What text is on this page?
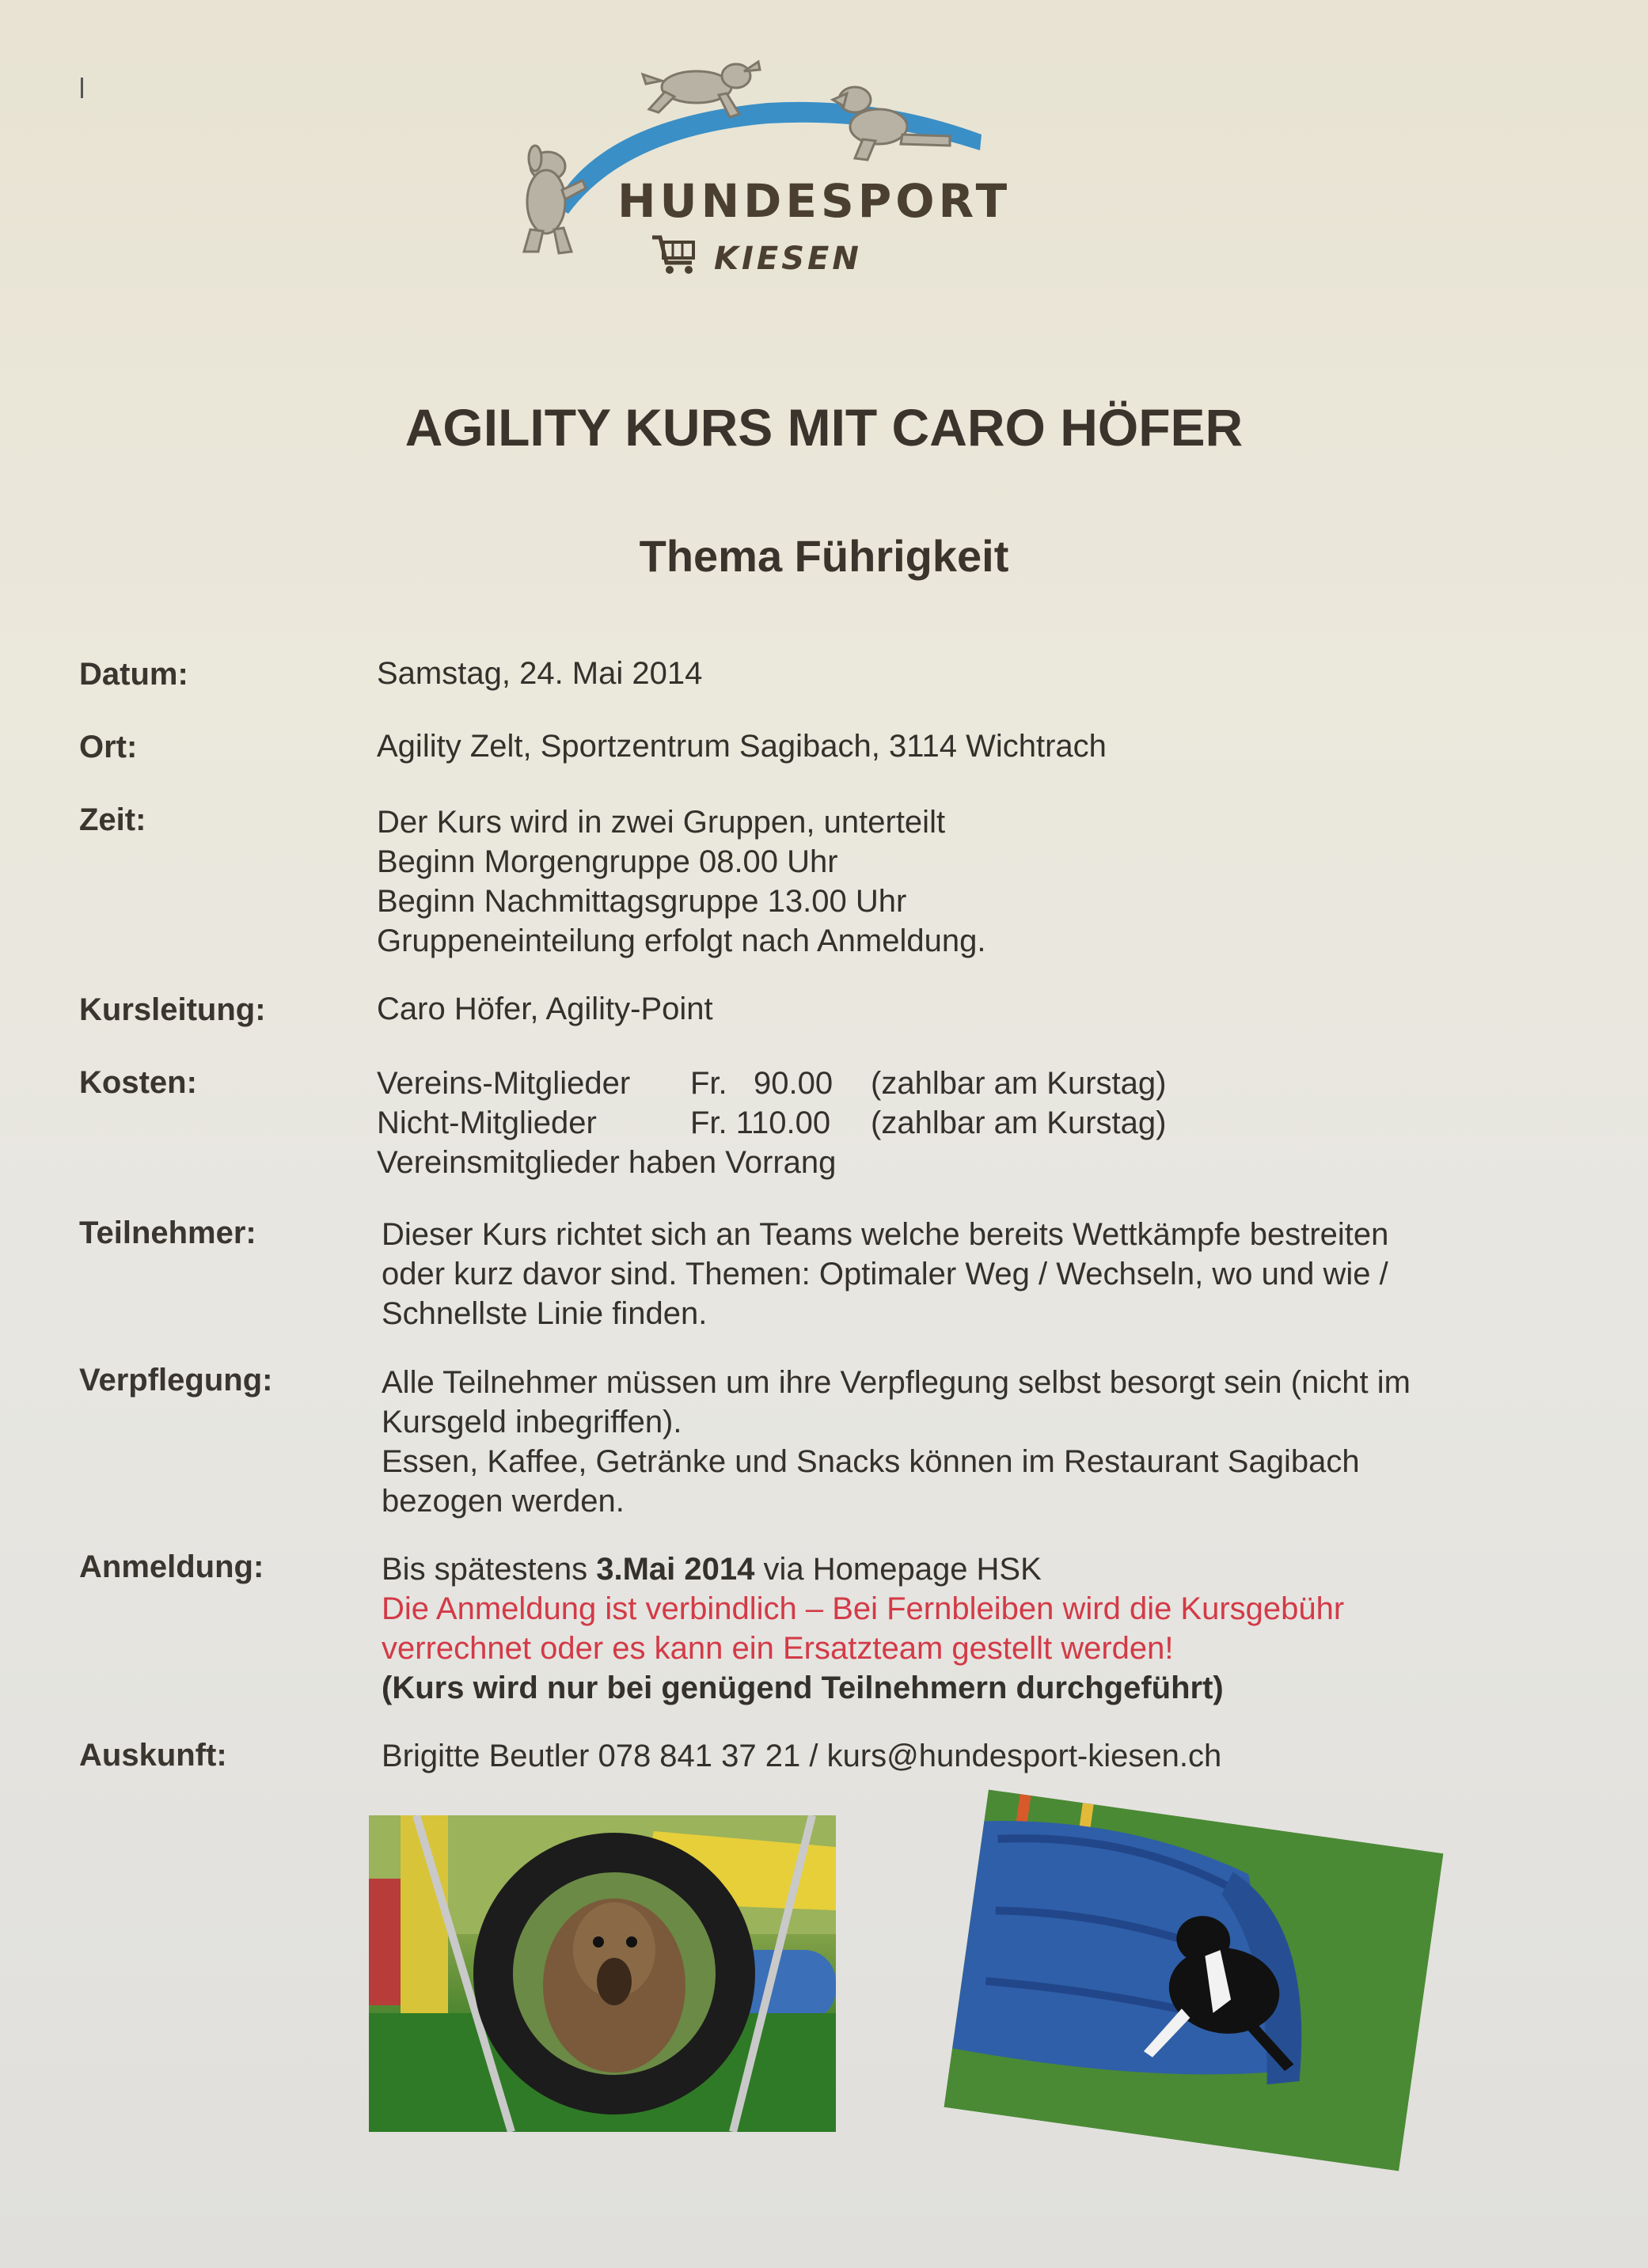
HUNDESPORT
KIESEN
AGILITY KURS MIT CARO HÖFER
Thema Führigkeit
Datum:	Samstag, 24. Mai 2014
Ort:	Agility Zelt, Sportzentrum Sagibach, 3114 Wichtrach
Zeit:	Der Kurs wird in zwei Gruppen, unterteilt
Beginn Morgengruppe 08.00 Uhr
Beginn Nachmittagsgruppe 13.00 Uhr
Gruppeneinteilung erfolgt nach Anmeldung.
Kursleitung:	Caro Höfer, Agility-Point
Kosten:	Vereins-Mitglieder Fr.   90.00 (zahlbar am Kurstag)
Nicht-Mitglieder	Fr. 110.00 (zahlbar am Kurstag)
Vereinsmitglieder haben Vorrang
Teilnehmer:	Dieser Kurs richtet sich an Teams welche bereits Wettkämpfe bestreiten
oder kurz davor sind. Themen: Optimaler Weg / Wechseln, wo und wie /
Schnellste Linie finden.
Verpflegung:	Alle Teilnehmer müssen um ihre Verpflegung selbst besorgt sein (nicht im
Kursgeld inbegriffen).
Essen, Kaffee, Getränke und Snacks können im Restaurant Sagibach
bezogen werden.
Anmeldung:	Bis spätestens 3.Mai 2014 via Homepage HSK
Die Anmeldung ist verbindlich – Bei Fernbleiben wird die Kursgebühr
verrechnet oder es kann ein Ersatzteam gestellt werden!
(Kurs wird nur bei genügend Teilnehmern durchgeführt)
Auskunft:	Brigitte Beutler 078 841 37 21 / kurs@hundesport-kiesen.ch
